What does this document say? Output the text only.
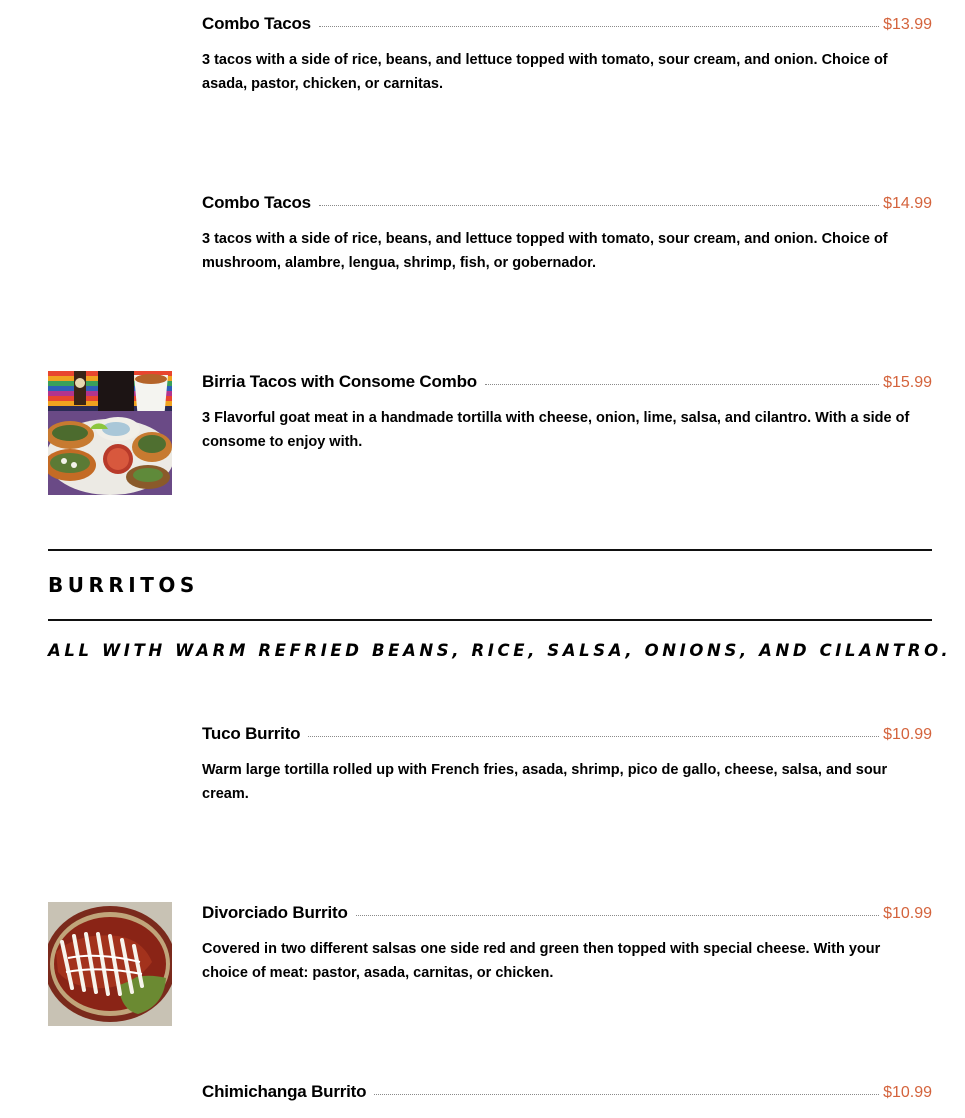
Combo Tacos	$13.99

3 tacos with a side of rice, beans, and lettuce topped with tomato, sour cream, and onion. Choice of asada, pastor, chicken, or carnitas.

Combo Tacos	$14.99

3 tacos with a side of rice, beans, and lettuce topped with tomato, sour cream, and onion. Choice of mushroom, alambre, lengua, shrimp, fish, or gobernador.

Birria Tacos with Consome Combo	$15.99

3 Flavorful goat meat in a handmade tortilla with cheese, onion, lime, salsa, and cilantro. With a side of consome to enjoy with.

BURRITOS

ALL WITH WARM REFRIED BEANS, RICE, SALSA, ONIONS, AND CILANTRO.

Tuco Burrito	$10.99

Warm large tortilla rolled up with French fries, asada, shrimp, pico de gallo, cheese, salsa, and sour cream.

Divorciado Burrito	$10.99

Covered in two different salsas one side red and green then topped with special cheese. With your choice of meat: pastor, asada, carnitas, or chicken.

Chimichanga Burrito	$10.99
